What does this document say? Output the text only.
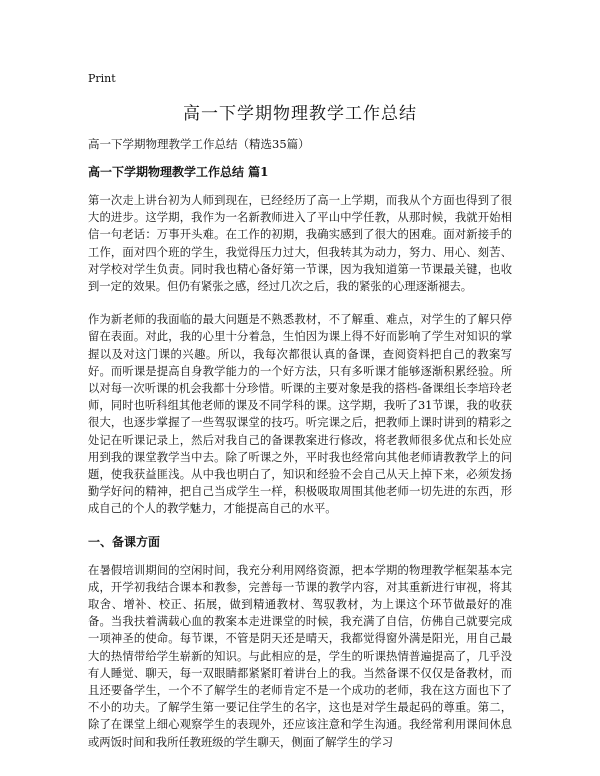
Print
高一下学期物理教学工作总结
高一下学期物理教学工作总结（精选35篇）
高一下学期物理教学工作总结 篇1

第一次走上讲台初为人师到现在，已经经历了高一上学期，而我从个方面也得到了很大的进步。这学期，我作为一名新教师进入了平山中学任教，从那时候，我就开始相信一句老话：万事开头难。在工作的初期，我确实感到了很大的困难。面对新接手的工作，面对四个班的学生，我觉得压力过大，但我转其为动力，努力、用心、刻苦、对学校对学生负责。同时我也精心备好第一节课，因为我知道第一节课最关键，也收到一定的效果。但仍有紧张之感，经过几次之后，我的紧张的心理逐渐褪去。

作为新老师的我面临的最大问题是不熟悉教材，不了解重、难点，对学生的了解只停留在表面。对此，我的心里十分着急，生怕因为课上得不好而影响了学生对知识的掌握以及对这门课的兴趣。所以，我每次都很认真的备课，查阅资料把自己的教案写好。而听课是提高自身教学能力的一个好方法，只有多听课才能够逐渐积累经验。所以对每一次听课的机会我都十分珍惜。听课的主要对象是我的搭档-备课组长李培玲老师，同时也听科组其他老师的课及不同学科的课。这学期，我听了31节课，我的收获很大，也逐步掌握了一些驾驭课堂的技巧。听完课之后，把教师上课时讲到的精彩之处记在听课记录上，然后对我自己的备课教案进行修改，将老教师很多优点和长处应用到我的课堂教学当中去。除了听课之外，平时我也经常向其他老师请教教学上的问题，使我获益匪浅。从中我也明白了，知识和经验不会自己从天上掉下来，必须发扬勤学好问的精神，把自己当成学生一样，积极吸取周围其他老师一切先进的东西，形成自己的个人的教学魅力，才能提高自己的水平。

一、备课方面

在暑假培训期间的空闲时间，我充分利用网络资源，把本学期的物理教学框架基本完成，开学初我结合课本和教参，完善每一节课的教学内容，对其重新进行审视，将其取舍、增补、校正、拓展，做到精通教材、驾驭教材，为上课这个环节做最好的准备。当我扶着满载心血的教案本走进课堂的时候，我充满了自信，仿佛自己就要完成一项神圣的使命。每节课，不管是阴天还是晴天，我都觉得窗外满是阳光，用自己最大的热情带给学生崭新的知识。与此相应的是，学生的听课热情普遍提高了，几乎没有人睡觉、聊天，每一双眼睛都紧紧盯着讲台上的我。当然备课不仅仅是备教材，而且还要备学生，一个不了解学生的老师肯定不是一个成功的老师，我在这方面也下了不小的功夫。了解学生第一要记住学生的名字，这也是对学生最起码的尊重。第二，除了在课堂上细心观察学生的表现外，还应该注意和学生沟通。我经常利用课间休息或两饭时间和我所任教班级的学生聊天，侧面了解学生的学习
